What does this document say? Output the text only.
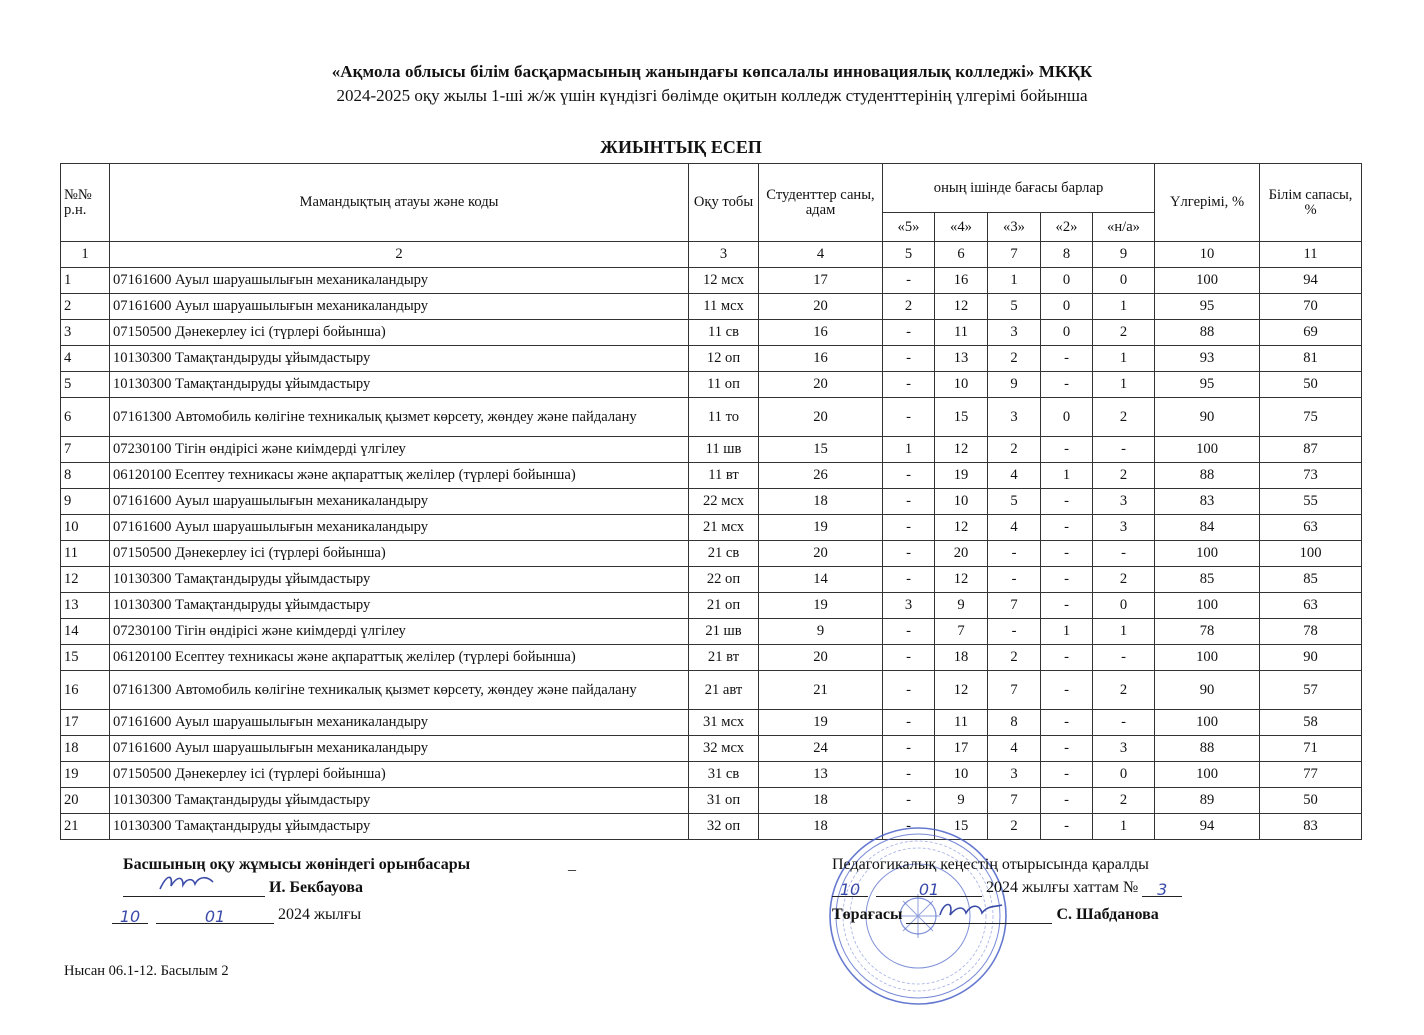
«Ақмола облысы білім басқармасының жанындағы көпсалалы инновациялық колледжі» МКҚК
2024-2025 оқу жылы 1-ші ж/ж үшін күндізгі бөлімде оқитын колледж студенттерінің үлгерімі бойынша
ЖИЫНТЫҚ ЕСЕП
№№ р.н.	Мамандықтың атауы және коды	Оқу тобы	Студенттер саны, адам	оның ішінде бағасы барлар					Үлгерімі, %	Білім сапасы, %
				«5»	«4»	«3»	«2»	«н/а»		
1	2	3	4	5	6	7	8	9	10	11
1	07161600 Ауыл шаруашылығын механикаландыру	12 мсх	17	-	16	1	0	0	100	94
2	07161600 Ауыл шаруашылығын механикаландыру	11 мсх	20	2	12	5	0	1	95	70
3	07150500 Дәнекерлеу ісі (түрлері бойынша)	11 св	16	-	11	3	0	2	88	69
4	10130300 Тамақтандыруды ұйымдастыру	12 оп	16	-	13	2	-	1	93	81
5	10130300 Тамақтандыруды ұйымдастыру	11 оп	20	-	10	9	-	1	95	50
6	07161300 Автомобиль көлігіне техникалық қызмет көрсету, жөндеу және пайдалану	11 то	20	-	15	3	0	2	90	75
7	07230100 Тігін өндірісі және киімдерді үлгілеу	11 шв	15	1	12	2	-	-	100	87
8	06120100 Есептеу техникасы және ақпараттық желілер (түрлері бойынша)	11 вт	26	-	19	4	1	2	88	73
9	07161600 Ауыл шаруашылығын механикаландыру	22 мсх	18	-	10	5	-	3	83	55
10	07161600 Ауыл шаруашылығын механикаландыру	21 мсх	19	-	12	4	-	3	84	63
11	07150500 Дәнекерлеу ісі (түрлері бойынша)	21 св	20	-	20	-	-	-	100	100
12	10130300 Тамақтандыруды ұйымдастыру	22 оп	14	-	12	-	-	2	85	85
13	10130300 Тамақтандыруды ұйымдастыру	21 оп	19	3	9	7	-	0	100	63
14	07230100 Тігін өндірісі және киімдерді үлгілеу	21 шв	9	-	7	-	1	1	78	78
15	06120100 Есептеу техникасы және ақпараттық желілер (түрлері бойынша)	21 вт	20	-	18	2	-	-	100	90
16	07161300 Автомобиль көлігіне техникалық қызмет көрсету, жөндеу және пайдалану	21 авт	21	-	12	7	-	2	90	57
17	07161600 Ауыл шаруашылығын механикаландыру	31 мсх	19	-	11	8	-	-	100	58
18	07161600 Ауыл шаруашылығын механикаландыру	32 мсх	24	-	17	4	-	3	88	71
19	07150500 Дәнекерлеу ісі (түрлері бойынша)	31 св	13	-	10	3	-	0	100	77
20	10130300 Тамақтандыруды ұйымдастыру	31 оп	18	-	9	7	-	2	89	50
21	10130300 Тамақтандыруды ұйымдастыру	32 оп	18	-	15	2	-	1	94	83
Басшының оқу жұмысы жөніндегі орынбасары	_
И. Бекбауова
10	01	2024 жылғы
Нысан 06.1-12. Басылым 2
Педагогикалық кеңестің отырысында қаралды
10	01	2024 жылғы хаттам № 3
Төрағасы	С. Шабданова
